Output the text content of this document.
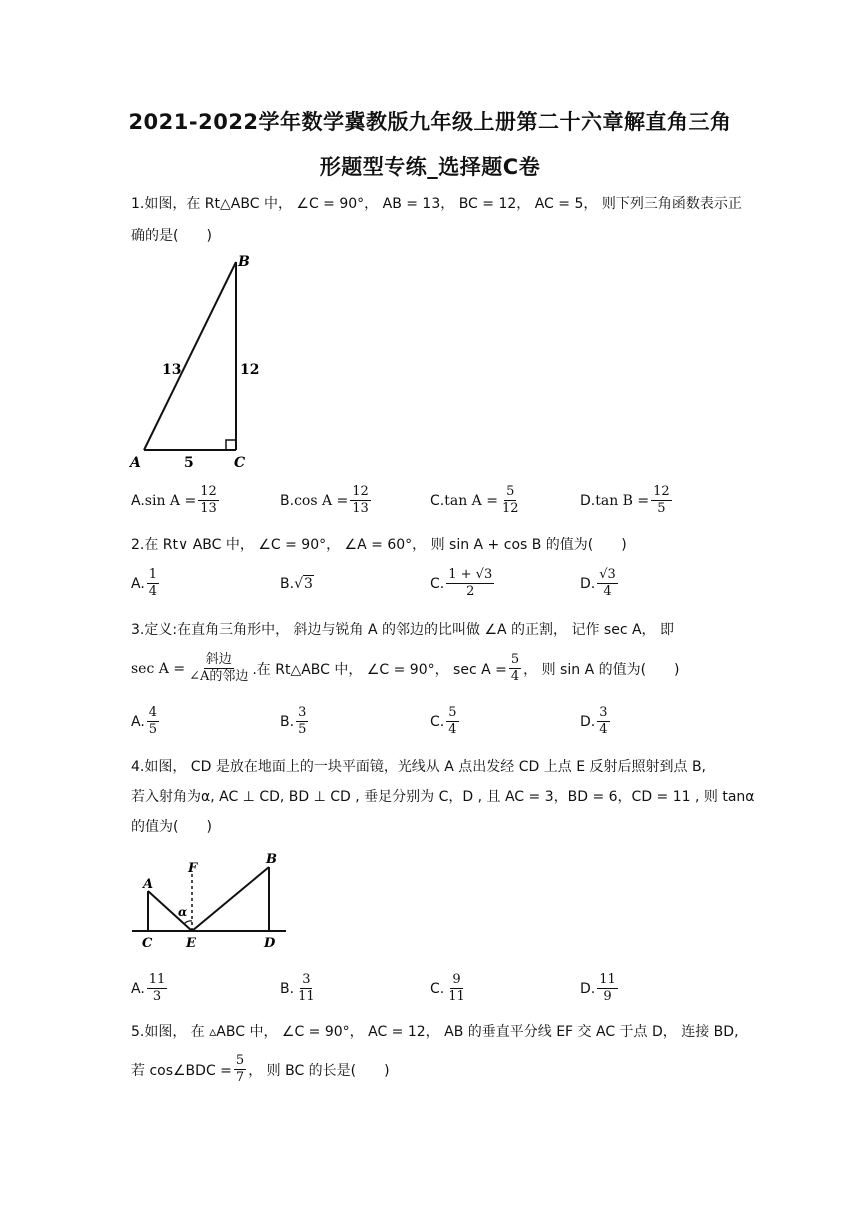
2021-2022学年数学冀教版九年级上册第二十六章解直角三角
形题型专练_选择题C卷
1.如图，在 Rt△ABC 中， ∠C = 90°， AB = 13， BC = 12， AC = 5， 则下列三角函数表示正
确的是(　　)
B
A	C
13	12
5
A. $\sin A = \frac{12}{13}$	B. $\cos A = \frac{12}{13}$	C. $\tan A = \frac{5}{12}$	D. $\tan B = \frac{12}{5}$
2.在 Rt∨ ABC 中， ∠C = 90°， ∠A = 60°， 则 sin A + cos B 的值为(　　)
A. $\frac{1}{4}$	B. √3	C. $\frac{1 + √3}{2}$	D. $\frac{√3}{4}$
3.定义:在直角三角形中， 斜边与锐角 A 的邻边的比叫做 ∠A 的正割， 记作 sec A， 即
$\sec A = \frac{\text{斜边}}{\text{∠A的邻边}}$ .在 Rt△ABC 中， ∠C = 90°， $\sec A = \frac{5}{4}$ ， 则 sin A 的值为(　　)
A. $\frac{4}{5}$	B. $\frac{3}{5}$	C. $\frac{5}{4}$	D. $\frac{3}{4}$
4.如图， CD 是放在地面上的一块平面镜，光线从 A 点出发经 CD 上点 E 反射后照射到点 B,
若入射角为α, AC ⊥ CD, BD ⊥ CD , 垂足分别为 C，D , 且 AC = 3，BD = 6，CD = 11 , 则 tanα
的值为(　　)
A
B
C	D
E
F
α
A. $\frac{11}{3}$	B. $\frac{3}{11}$	C. $\frac{9}{11}$	D. $\frac{11}{9}$
5.如图， 在 ▵ABC 中， ∠C = 90°， AC = 12， AB 的垂直平分线 EF 交 AC 于点 D， 连接 BD,
若 cos∠BDC = $\frac{5}{7}$ ， 则 BC 的长是(　　)
